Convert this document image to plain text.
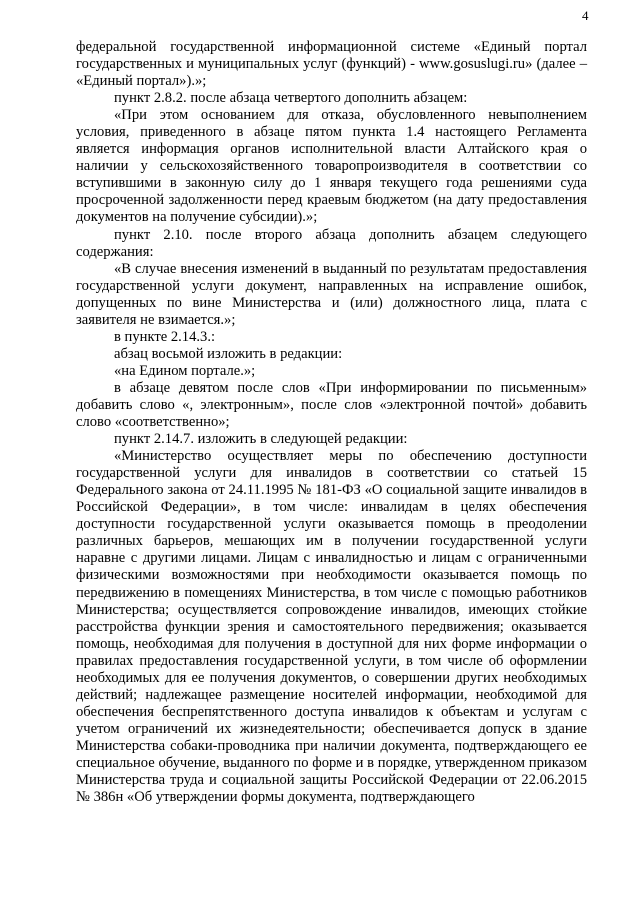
4

федеральной государственной информационной системе «Единый портал государственных и муниципальных услуг (функций) - www.gosuslugi.ru» (далее – «Единый портал»).»;

пункт 2.8.2. после абзаца четвертого дополнить абзацем:

«При этом основанием для отказа, обусловленного невыполнением условия, приведенного в абзаце пятом пункта 1.4 настоящего Регламента является информация органов исполнительной власти Алтайского края о наличии у сельскохозяйственного товаропроизводителя в соответствии со вступившими в законную силу до 1 января текущего года решениями суда просроченной задолженности перед краевым бюджетом (на дату предоставления документов на получение субсидии).»;

пункт 2.10. после второго абзаца дополнить абзацем следующего содержания:

«В случае внесения изменений в выданный по результатам предоставления государственной услуги документ, направленных на исправление ошибок, допущенных по вине Министерства и (или) должностного лица, плата с заявителя не взимается.»;

в пункте 2.14.3.:

абзац восьмой изложить в редакции:

«на Едином портале.»;

в абзаце девятом после слов «При информировании по письменным» добавить слово «, электронным», после слов «электронной почтой» добавить слово «соответственно»;

пункт 2.14.7. изложить в следующей редакции:

«Министерство осуществляет меры по обеспечению доступности государственной услуги для инвалидов в соответствии со статьей 15 Федерального закона от 24.11.1995 № 181-ФЗ «О социальной защите инвалидов в Российской Федерации», в том числе: инвалидам в целях обеспечения доступности государственной услуги оказывается помощь в преодолении различных барьеров, мешающих им в получении государственной услуги наравне с другими лицами. Лицам с инвалидностью и лицам с ограниченными физическими возможностями при необходимости оказывается помощь по передвижению в помещениях Министерства, в том числе с помощью работников Министерства; осуществляется сопровождение инвалидов, имеющих стойкие расстройства функции зрения и самостоятельного передвижения; оказывается помощь, необходимая для получения в доступной для них форме информации о правилах предоставления государственной услуги, в том числе об оформлении необходимых для ее получения документов, о совершении других необходимых действий; надлежащее размещение носителей информации, необходимой для обеспечения беспрепятственного доступа инвалидов к объектам и услугам с учетом ограничений их жизнедеятельности; обеспечивается допуск в здание Министерства собаки-проводника при наличии документа, подтверждающего ее специальное обучение, выданного по форме и в порядке, утвержденном приказом Министерства труда и социальной защиты Российской Федерации от 22.06.2015 № 386н «Об утверждении формы документа, подтверждающего
